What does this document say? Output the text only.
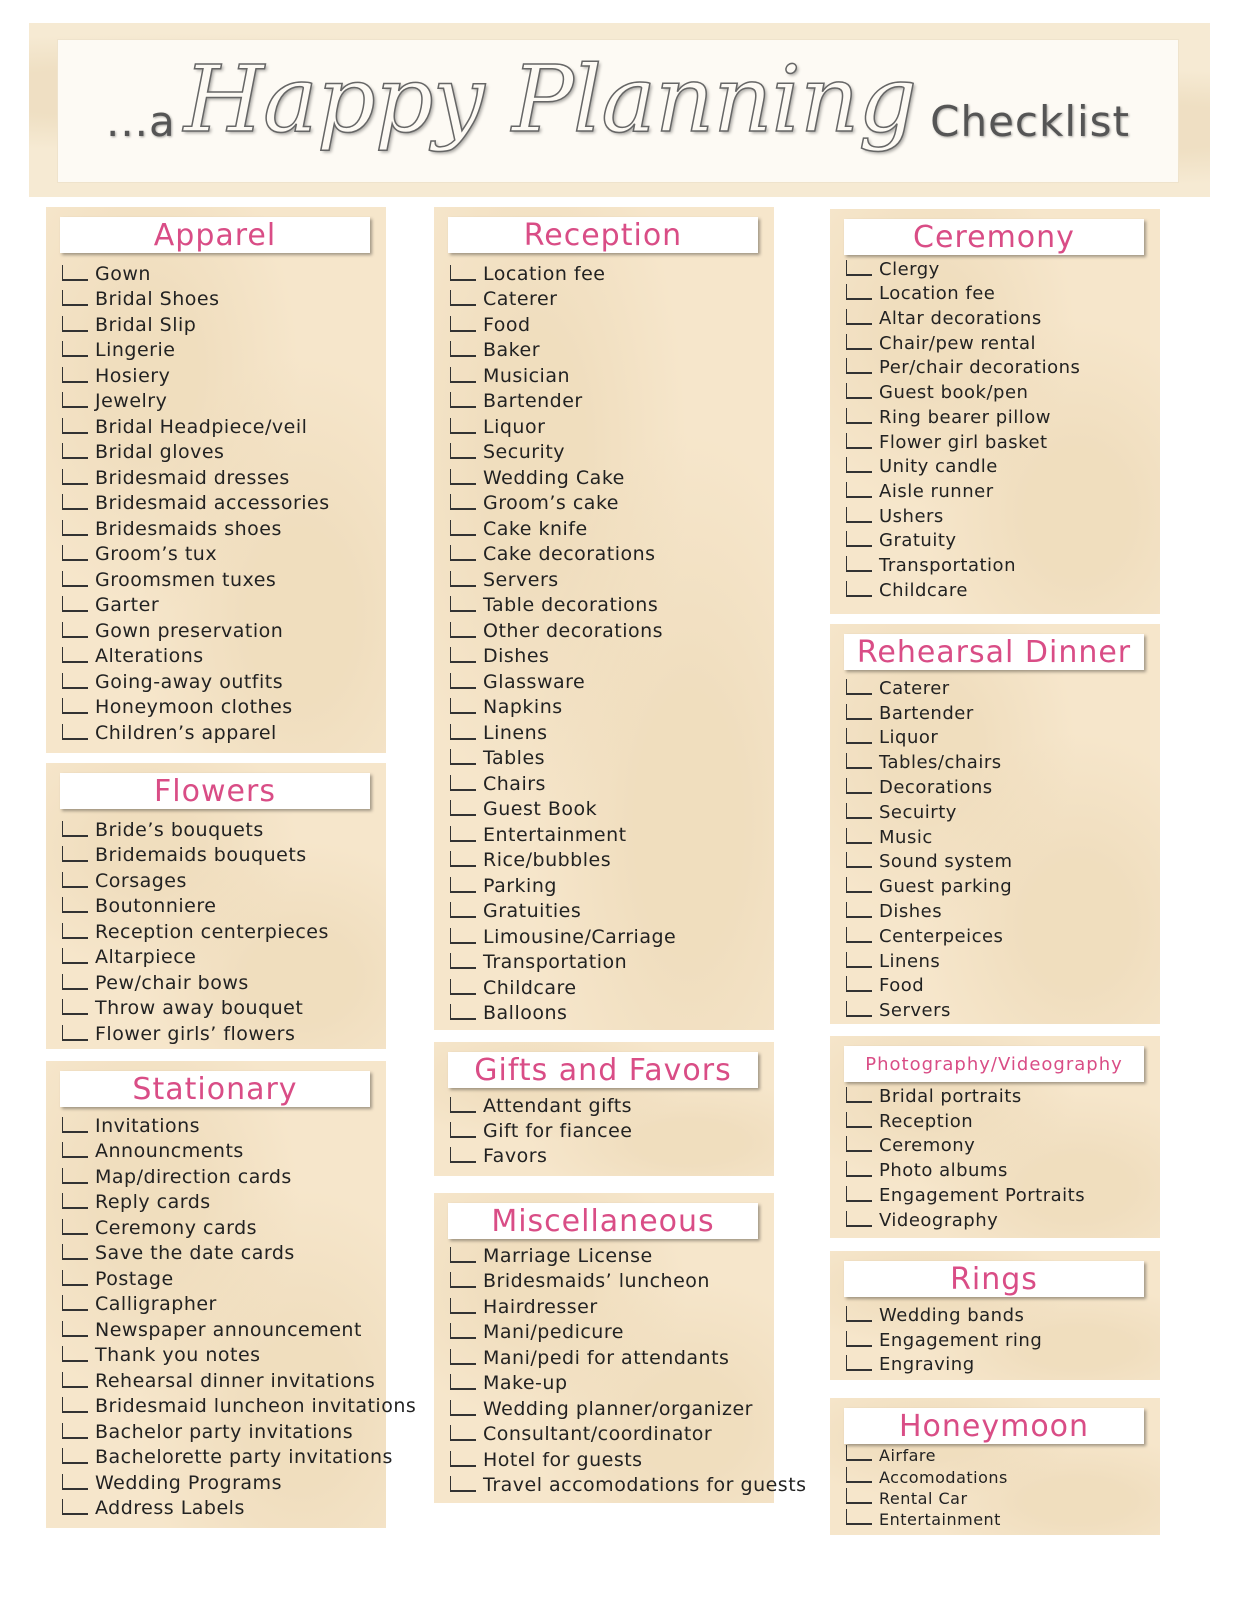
...a Happy Planning Checklist
Apparel
Gown
Bridal Shoes
Bridal Slip
Lingerie
Hosiery
Jewelry
Bridal Headpiece/veil
Bridal gloves
Bridesmaid dresses
Bridesmaid accessories
Bridesmaids shoes
Groom’s tux
Groomsmen tuxes
Garter
Gown preservation
Alterations
Going-away outfits
Honeymoon clothes
Children’s apparel
Flowers
Bride’s bouquets
Bridemaids bouquets
Corsages
Boutonniere
Reception centerpieces
Altarpiece
Pew/chair bows
Throw away bouquet
Flower girls’ flowers
Stationary
Invitations
Announcments
Map/direction cards
Reply cards
Ceremony cards
Save the date cards
Postage
Calligrapher
Newspaper announcement
Thank you notes
Rehearsal dinner invitations
Bridesmaid luncheon invitations
Bachelor party invitations
Bachelorette party invitations
Wedding Programs
Address Labels
Reception
Location fee
Caterer
Food
Baker
Musician
Bartender
Liquor
Security
Wedding Cake
Groom’s cake
Cake knife
Cake decorations
Servers
Table decorations
Other decorations
Dishes
Glassware
Napkins
Linens
Tables
Chairs
Guest Book
Entertainment
Rice/bubbles
Parking
Gratuities
Limousine/Carriage
Transportation
Childcare
Balloons
Gifts and Favors
Attendant gifts
Gift for fiancee
Favors
Miscellaneous
Marriage License
Bridesmaids’ luncheon
Hairdresser
Mani/pedicure
Mani/pedi for attendants
Make-up
Wedding planner/organizer
Consultant/coordinator
Hotel for guests
Travel accomodations for guests
Ceremony
Clergy
Location fee
Altar decorations
Chair/pew rental
Per/chair decorations
Guest book/pen
Ring bearer pillow
Flower girl basket
Unity candle
Aisle runner
Ushers
Gratuity
Transportation
Childcare
Rehearsal Dinner
Caterer
Bartender
Liquor
Tables/chairs
Decorations
Secuirty
Music
Sound system
Guest parking
Dishes
Centerpeices
Linens
Food
Servers
Photography/Videography
Bridal portraits
Reception
Ceremony
Photo albums
Engagement Portraits
Videography
Rings
Wedding bands
Engagement ring
Engraving
Honeymoon
Airfare
Accomodations
Rental Car
Entertainment
